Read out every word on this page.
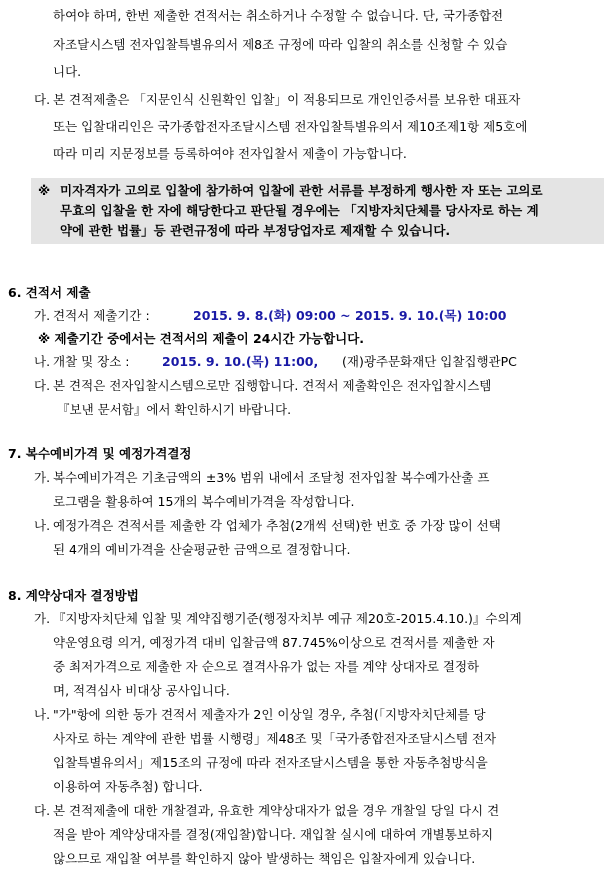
하여야 하며, 한번 제출한 견적서는 취소하거나 수정할 수 없습니다. 단, 국가종합전
자조달시스템 전자입찰특별유의서 제8조 규정에 따라 입찰의 취소를 신청할 수 있습
니다.
다. 본 견적제출은 「지문인식 신원확인 입찰」이 적용되므로 개인인증서를 보유한 대표자
또는 입찰대리인은 국가종합전자조달시스템 전자입찰특별유의서 제10조제1항 제5호에
따라 미리 지문정보를 등록하여야 전자입찰서 제출이 가능합니다.
※ 미자격자가 고의로 입찰에 참가하여 입찰에 관한 서류를 부정하게 행사한 자 또는 고의로
무효의 입찰을 한 자에 해당한다고 판단될 경우에는 「지방자치단체를 당사자로 하는 계
약에 관한 법률」등 관련규정에 따라 부정당업자로 제재할 수 있습니다.
6. 견적서 제출
가. 견적서 제출기간 :	2015. 9. 8.(화) 09:00 ~ 2015. 9. 10.(목) 10:00
※ 제출기간 중에서는 견적서의 제출이 24시간 가능합니다.
나. 개찰 및 장소 :	2015. 9. 10.(목) 11:00, (재)광주문화재단 입찰집행관PC
다. 본 견적은 전자입찰시스템으로만 집행합니다. 견적서 제출확인은 전자입찰시스템
『보낸 문서함』에서 확인하시기 바랍니다.
7. 복수예비가격 및 예정가격결정
가. 복수예비가격은 기초금액의 ±3% 범위 내에서 조달청 전자입찰 복수예가산출 프
로그램을 활용하여 15개의 복수예비가격을 작성합니다.
나. 예정가격은 견적서를 제출한 각 업체가 추첨(2개씩 선택)한 번호 중 가장 많이 선택
된 4개의 예비가격을 산술평균한 금액으로 결정합니다.
8. 계약상대자 결정방법
가. 『지방자치단체 입찰 및 계약집행기준(행정자치부 예규 제20호-2015.4.10.)』수의계
약운영요령 의거, 예정가격 대비 입찰금액 87.745%이상으로 견적서를 제출한 자
중 최저가격으로 제출한 자 순으로 결격사유가 없는 자를 계약 상대자로 결정하
며, 적격심사 비대상 공사입니다.
나. "가"항에 의한 동가 견적서 제출자가 2인 이상일 경우, 추첨(「지방자치단체를 당
사자로 하는 계약에 관한 법률 시행령」제48조 및「국가종합전자조달시스템 전자
입찰특별유의서」제15조의 규정에 따라 전자조달시스템을 통한 자동추첨방식을
이용하여 자동추첨) 합니다.
다. 본 견적제출에 대한 개찰결과, 유효한 계약상대자가 없을 경우 개찰일 당일 다시 견
적을 받아 계약상대자를 결정(재입찰)합니다. 재입찰 실시에 대하여 개별통보하지
않으므로 재입찰 여부를 확인하지 않아 발생하는 책임은 입찰자에게 있습니다.
